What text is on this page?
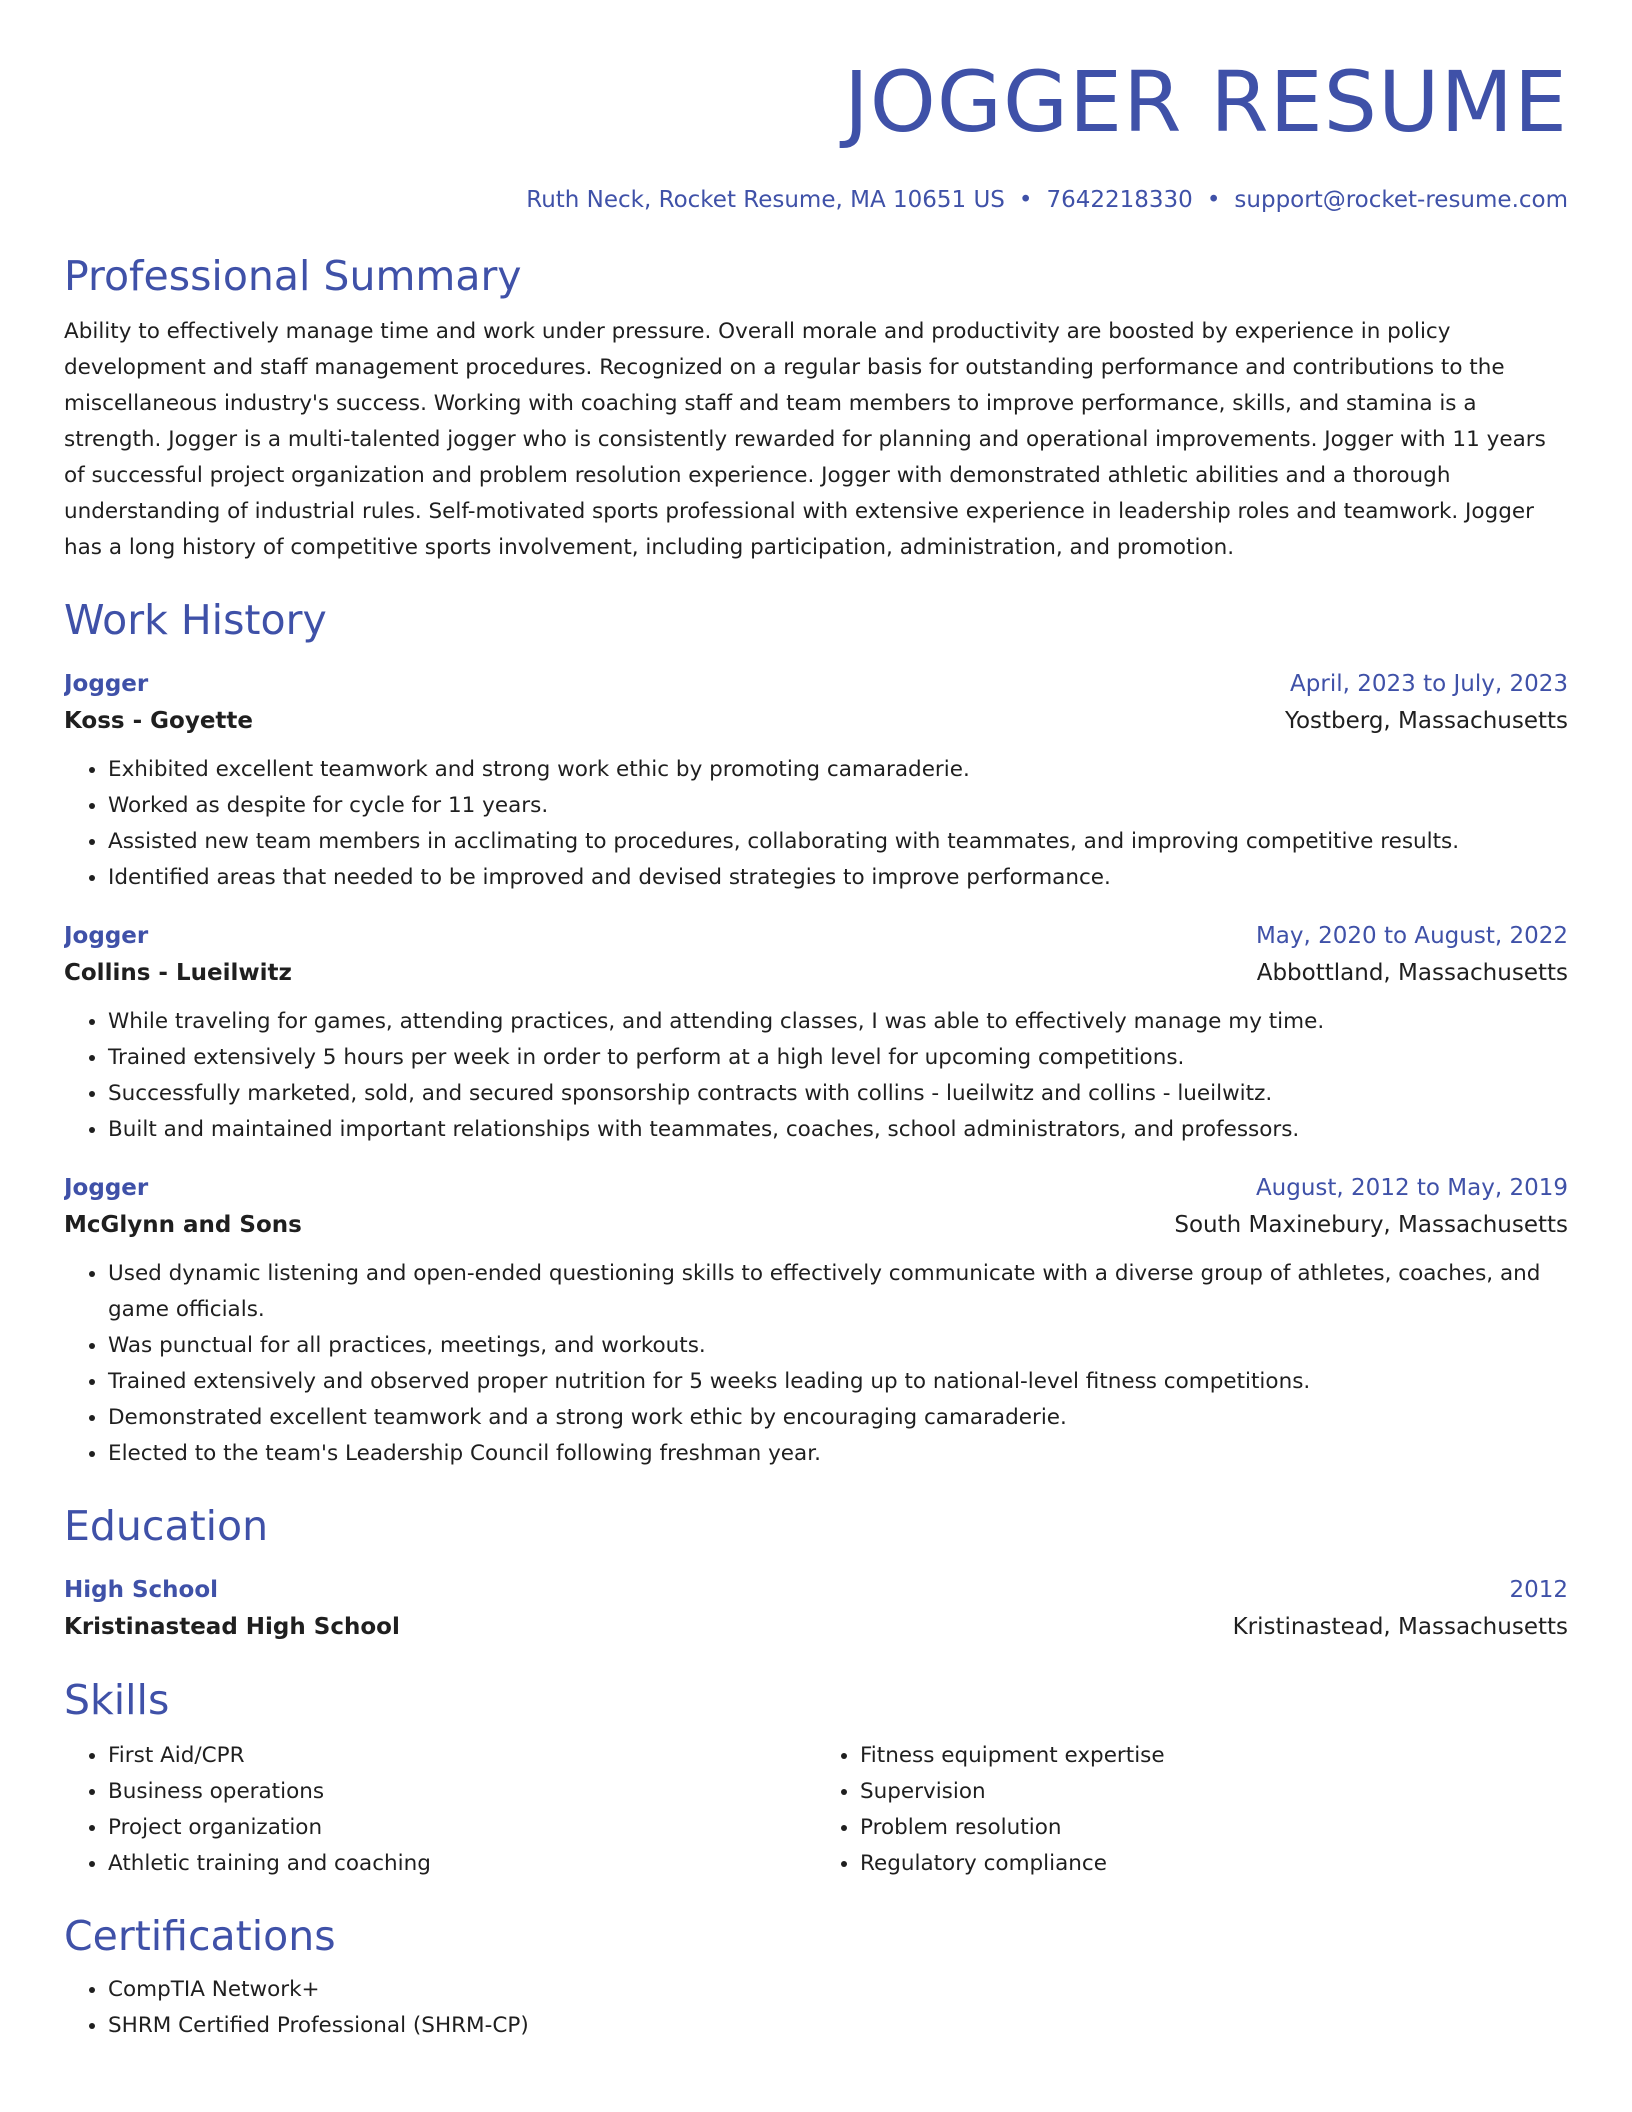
JOGGER RESUME
Ruth Neck, Rocket Resume, MA 10651 US • 7642218330 • support@rocket-resume.com
Professional Summary
Ability to effectively manage time and work under pressure. Overall morale and productivity are boosted by experience in policy development and staff management procedures. Recognized on a regular basis for outstanding performance and contributions to the miscellaneous industry's success. Working with coaching staff and team members to improve performance, skills, and stamina is a strength. Jogger is a multi-talented jogger who is consistently rewarded for planning and operational improvements. Jogger with 11 years of successful project organization and problem resolution experience. Jogger with demonstrated athletic abilities and a thorough understanding of industrial rules. Self-motivated sports professional with extensive experience in leadership roles and teamwork. Jogger has a long history of competitive sports involvement, including participation, administration, and promotion.
Work History
Jogger	April, 2023 to July, 2023
Koss - Goyette	Yostberg, Massachusetts
• Exhibited excellent teamwork and strong work ethic by promoting camaraderie.
• Worked as despite for cycle for 11 years.
• Assisted new team members in acclimating to procedures, collaborating with teammates, and improving competitive results.
• Identified areas that needed to be improved and devised strategies to improve performance.
Jogger	May, 2020 to August, 2022
Collins - Lueilwitz	Abbottland, Massachusetts
• While traveling for games, attending practices, and attending classes, I was able to effectively manage my time.
• Trained extensively 5 hours per week in order to perform at a high level for upcoming competitions.
• Successfully marketed, sold, and secured sponsorship contracts with collins - lueilwitz and collins - lueilwitz.
• Built and maintained important relationships with teammates, coaches, school administrators, and professors.
Jogger	August, 2012 to May, 2019
McGlynn and Sons	South Maxinebury, Massachusetts
• Used dynamic listening and open-ended questioning skills to effectively communicate with a diverse group of athletes, coaches, and game officials.
• Was punctual for all practices, meetings, and workouts.
• Trained extensively and observed proper nutrition for 5 weeks leading up to national-level fitness competitions.
• Demonstrated excellent teamwork and a strong work ethic by encouraging camaraderie.
• Elected to the team's Leadership Council following freshman year.
Education
High School	2012
Kristinastead High School	Kristinastead, Massachusetts
Skills
• First Aid/CPR
• Business operations
• Project organization
• Athletic training and coaching
• Fitness equipment expertise
• Supervision
• Problem resolution
• Regulatory compliance
Certifications
• CompTIA Network+
• SHRM Certified Professional (SHRM-CP)
